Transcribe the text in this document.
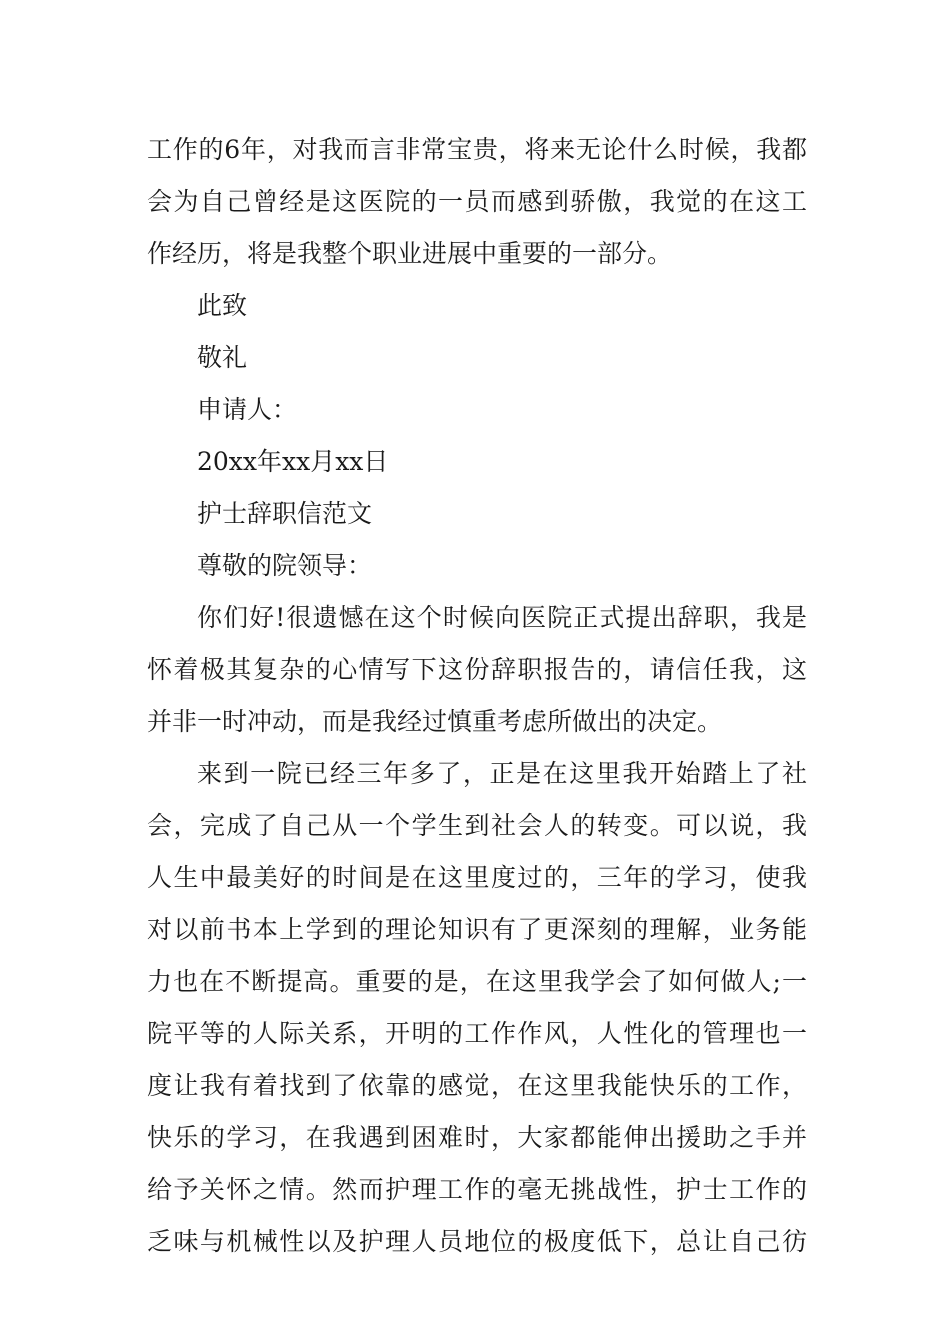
工作的6年，对我而言非常宝贵，将来无论什么时候，我都
会为自己曾经是这医院的一员而感到骄傲，我觉的在这工
作经历，将是我整个职业进展中重要的一部分。
此致
敬礼
申请人：
20xx年xx月xx日
护士辞职信范文
尊敬的院领导：
你们好!很遗憾在这个时候向医院正式提出辞职，我是
怀着极其复杂的心情写下这份辞职报告的，请信任我，这
并非一时冲动，而是我经过慎重考虑所做出的决定。
来到一院已经三年多了，正是在这里我开始踏上了社
会，完成了自己从一个学生到社会人的转变。可以说，我
人生中最美好的时间是在这里度过的，三年的学习，使我
对以前书本上学到的理论知识有了更深刻的理解，业务能
力也在不断提高。重要的是，在这里我学会了如何做人;一
院平等的人际关系，开明的工作作风，人性化的管理也一
度让我有着找到了依靠的感觉，在这里我能快乐的工作，
快乐的学习，在我遇到困难时，大家都能伸出援助之手并
给予关怀之情。然而护理工作的毫无挑战性，护士工作的
乏味与机械性以及护理人员地位的极度低下，总让自己彷
